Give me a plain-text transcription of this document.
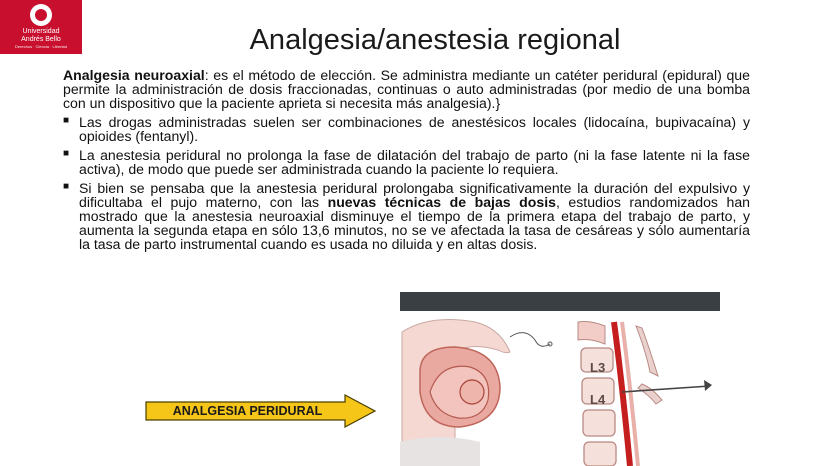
Universidad
Andrés Bello
Derechos · Ciencia · Libertad	Analgesia/anestesia regional

Analgesia neuroaxial: es el método de elección. Se administra mediante un catéter peridural (epidural) que permite la administración de dosis fraccionadas, continuas o auto administradas (por medio de una bomba con un dispositivo que la paciente aprieta si necesita más analgesia).}

■ Las drogas administradas suelen ser combinaciones de anestésicos locales (lidocaína, bupivacaína) y opioides (fentanyl).
■ La anestesia peridural no prolonga la fase de dilatación del trabajo de parto (ni la fase latente ni la fase activa), de modo que puede ser administrada cuando la paciente lo requiera.
■ Si bien se pensaba que la anestesia peridural prolongaba significativamente la duración del expulsivo y dificultaba el pujo materno, con las nuevas técnicas de bajas dosis, estudios randomizados han mostrado que la anestesia neuroaxial disminuye el tiempo de la primera etapa del trabajo de parto, y aumenta la segunda etapa en sólo 13,6 minutos, no se ve afectada la tasa de cesáreas y sólo aumentaría la tasa de parto instrumental cuando es usada no diluida y en altas dosis.
L3
L4
ANALGESIA PERIDURAL
